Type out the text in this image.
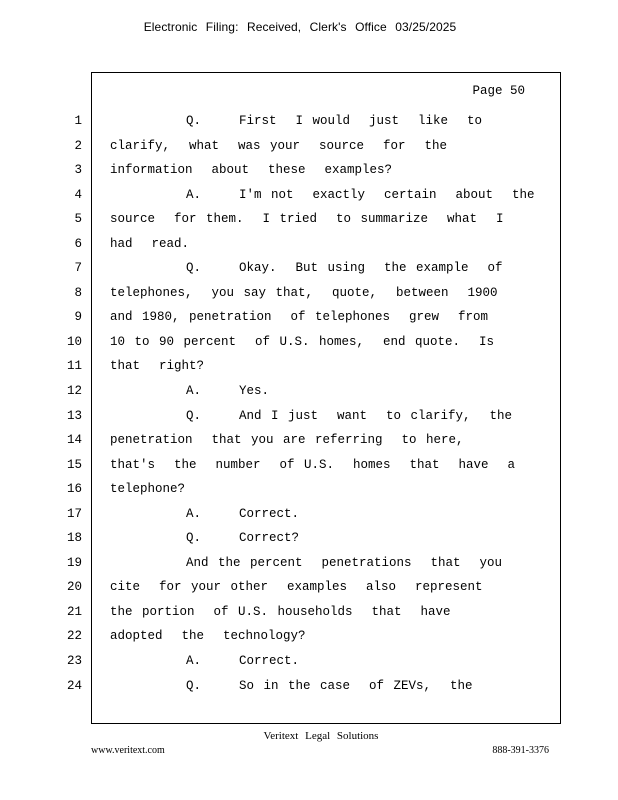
Electronic Filing: Received, Clerk's Office 03/25/2025
Page 50
1
2
3
4
5
6
7
8
9
10
11
12
13
14
15
16
17
18
19
20
21
22
23
24
Q.    First  I would  just  like  to
clarify,  what  was your  source  for  the
information  about  these  examples?
A.    I'm not  exactly  certain  about  the
source  for them.  I tried  to summarize  what  I
had  read.
Q.    Okay.  But using  the example  of
telephones,  you say that,  quote,  between  1900
and 1980, penetration  of telephones  grew  from
10 to 90 percent  of U.S. homes,  end quote.  Is
that  right?
A.    Yes.
Q.    And I just  want  to clarify,  the
penetration  that you are referring  to here,
that's  the  number  of U.S.  homes  that  have  a
telephone?
A.    Correct.
Q.    Correct?
And the percent  penetrations  that  you
cite  for your other  examples  also  represent
the portion  of U.S. households  that  have
adopted  the  technology?
A.    Correct.
Q.    So in the case  of ZEVs,  the
Veritext Legal Solutions
www.veritext.com	888-391-3376
